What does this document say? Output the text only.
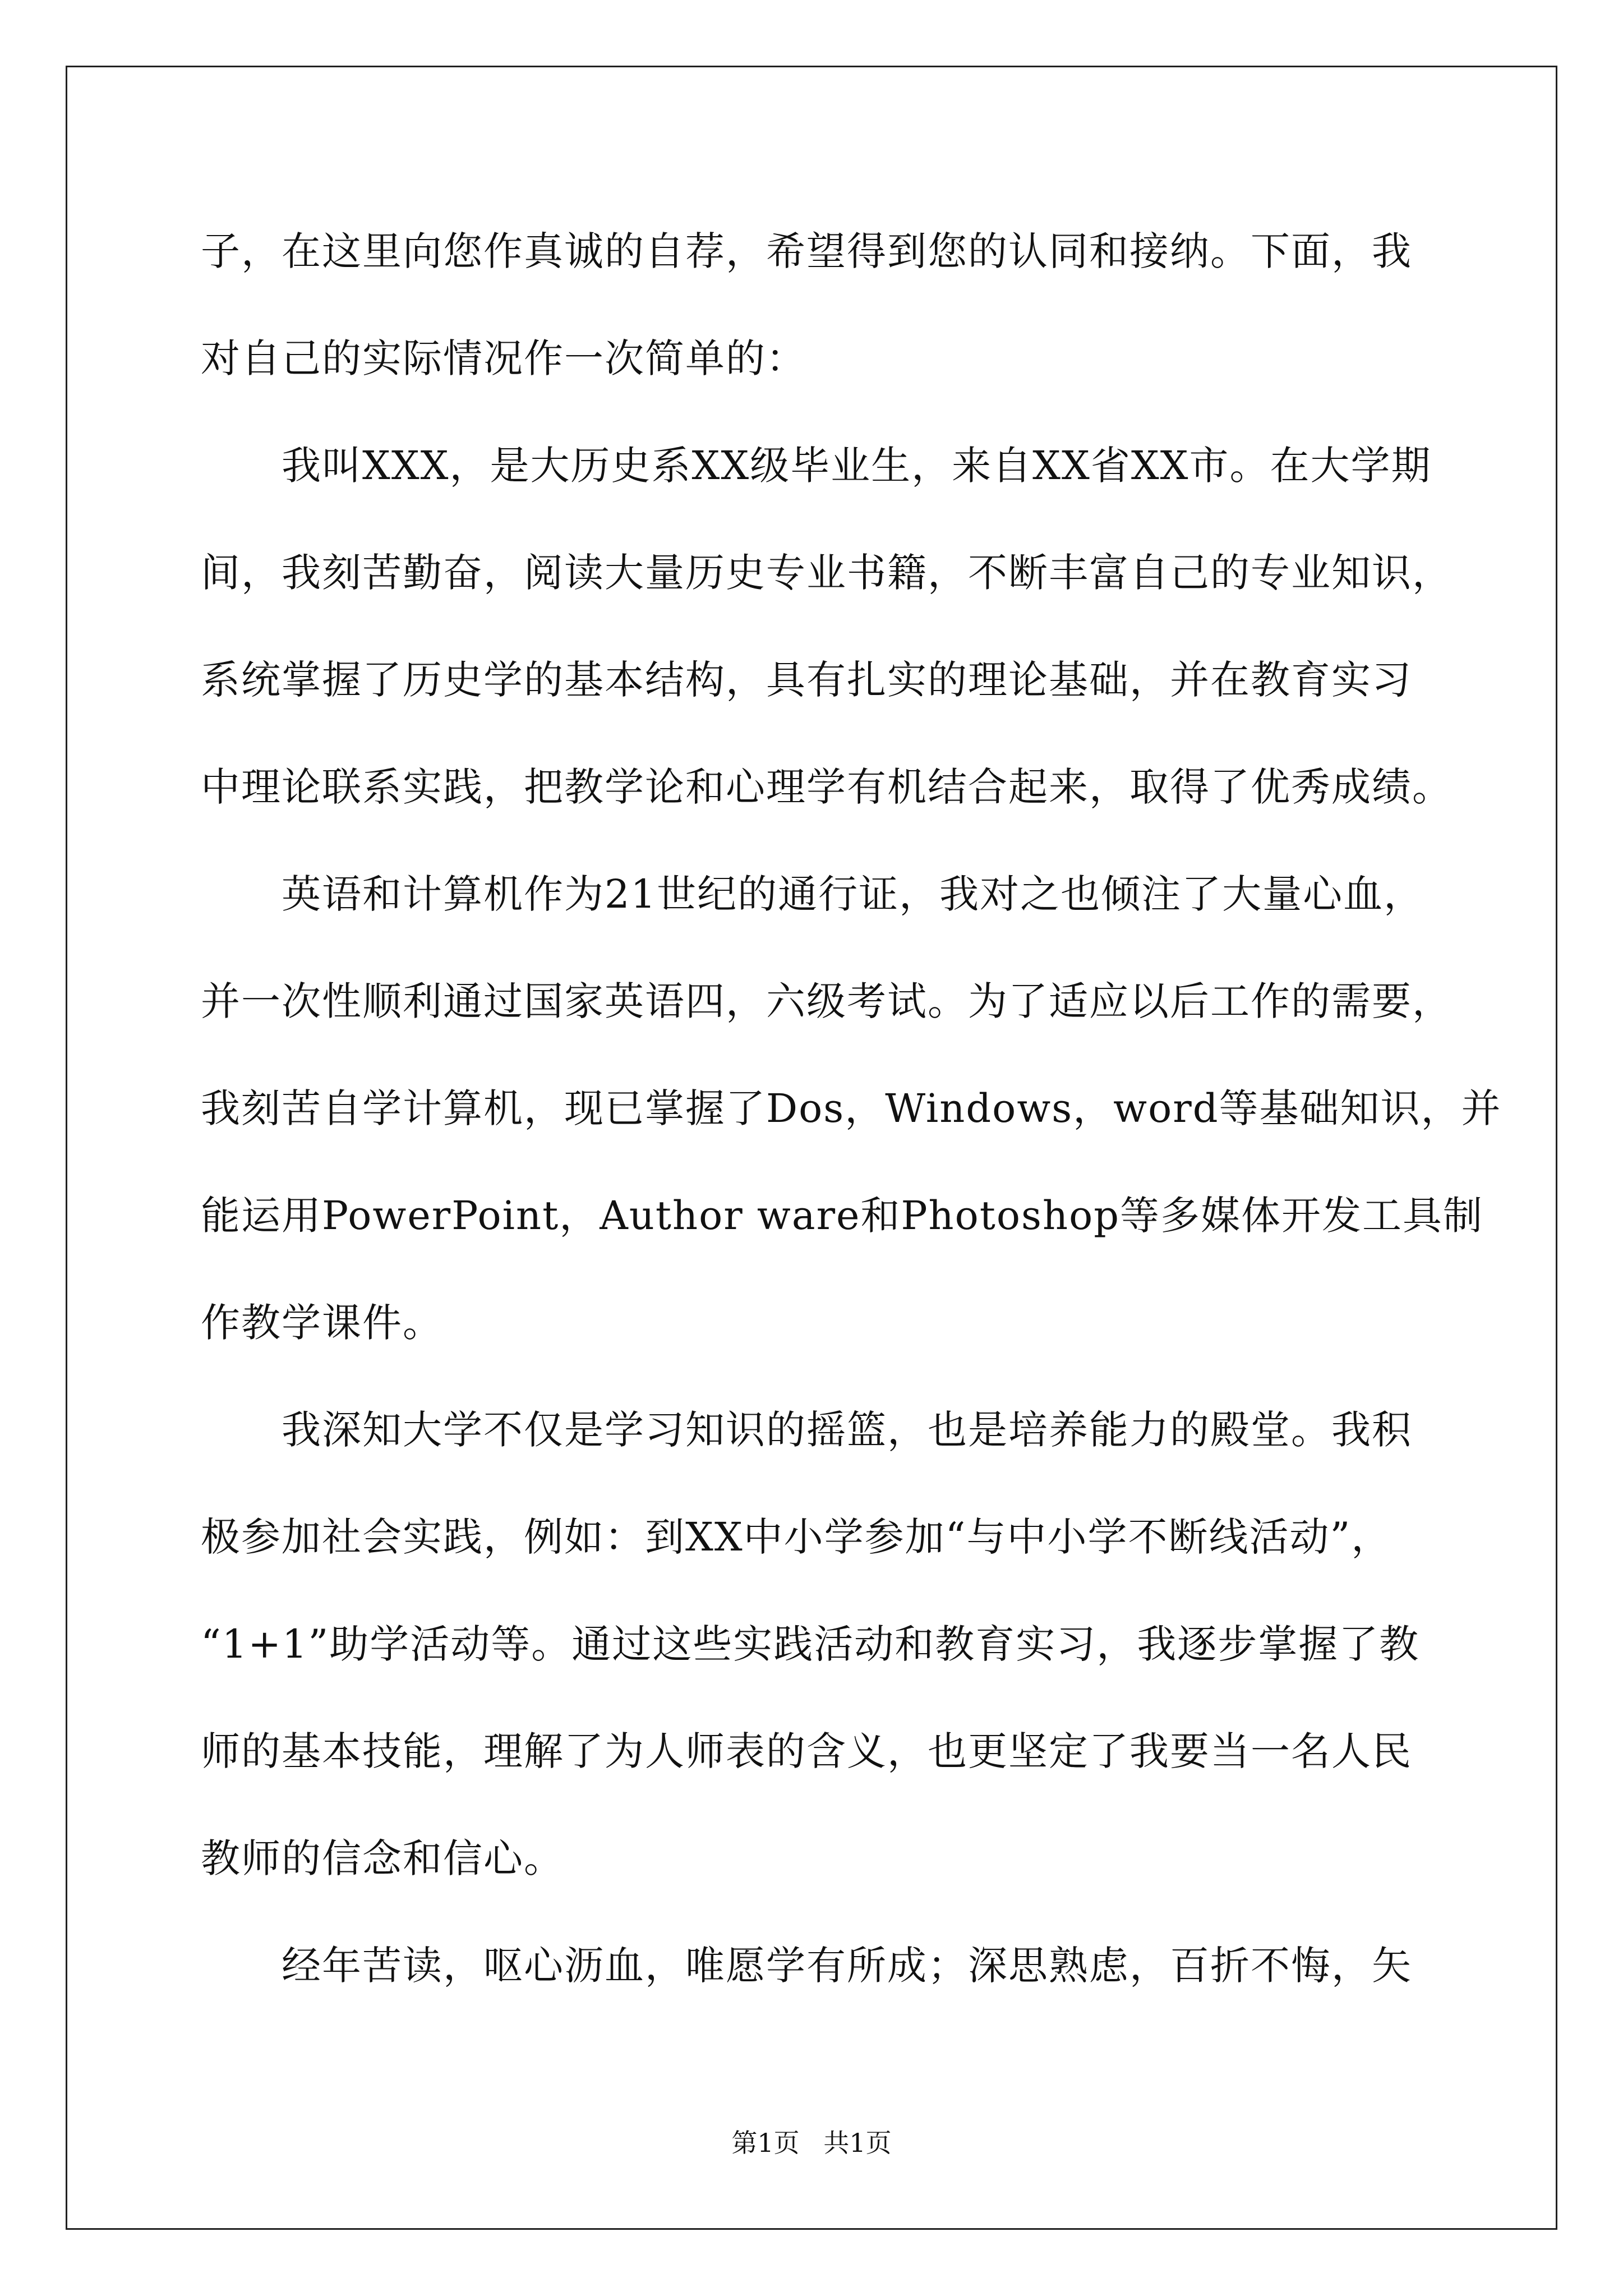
子，在这里向您作真诚的自荐，希望得到您的认同和接纳。下面，我
对自己的实际情况作一次简单的：
　　我叫XXX，是大历史系XX级毕业生，来自XX省XX市。在大学期
间，我刻苦勤奋，阅读大量历史专业书籍，不断丰富自己的专业知识，
系统掌握了历史学的基本结构，具有扎实的理论基础，并在教育实习
中理论联系实践，把教学论和心理学有机结合起来，取得了优秀成绩。
　　英语和计算机作为21世纪的通行证，我对之也倾注了大量心血，
并一次性顺利通过国家英语四，六级考试。为了适应以后工作的需要，
我刻苦自学计算机，现已掌握了Dos，Windows，word等基础知识，并
能运用PowerPoint，Author ware和Photoshop等多媒体开发工具制
作教学课件。
　　我深知大学不仅是学习知识的摇篮，也是培养能力的殿堂。我积
极参加社会实践，例如：到XX中小学参加“与中小学不断线活动”，
“1+1”助学活动等。通过这些实践活动和教育实习，我逐步掌握了教
师的基本技能，理解了为人师表的含义，也更坚定了我要当一名人民
教师的信念和信心。
　　经年苦读，呕心沥血，唯愿学有所成；深思熟虑，百折不悔，矢
第1页 共1页
